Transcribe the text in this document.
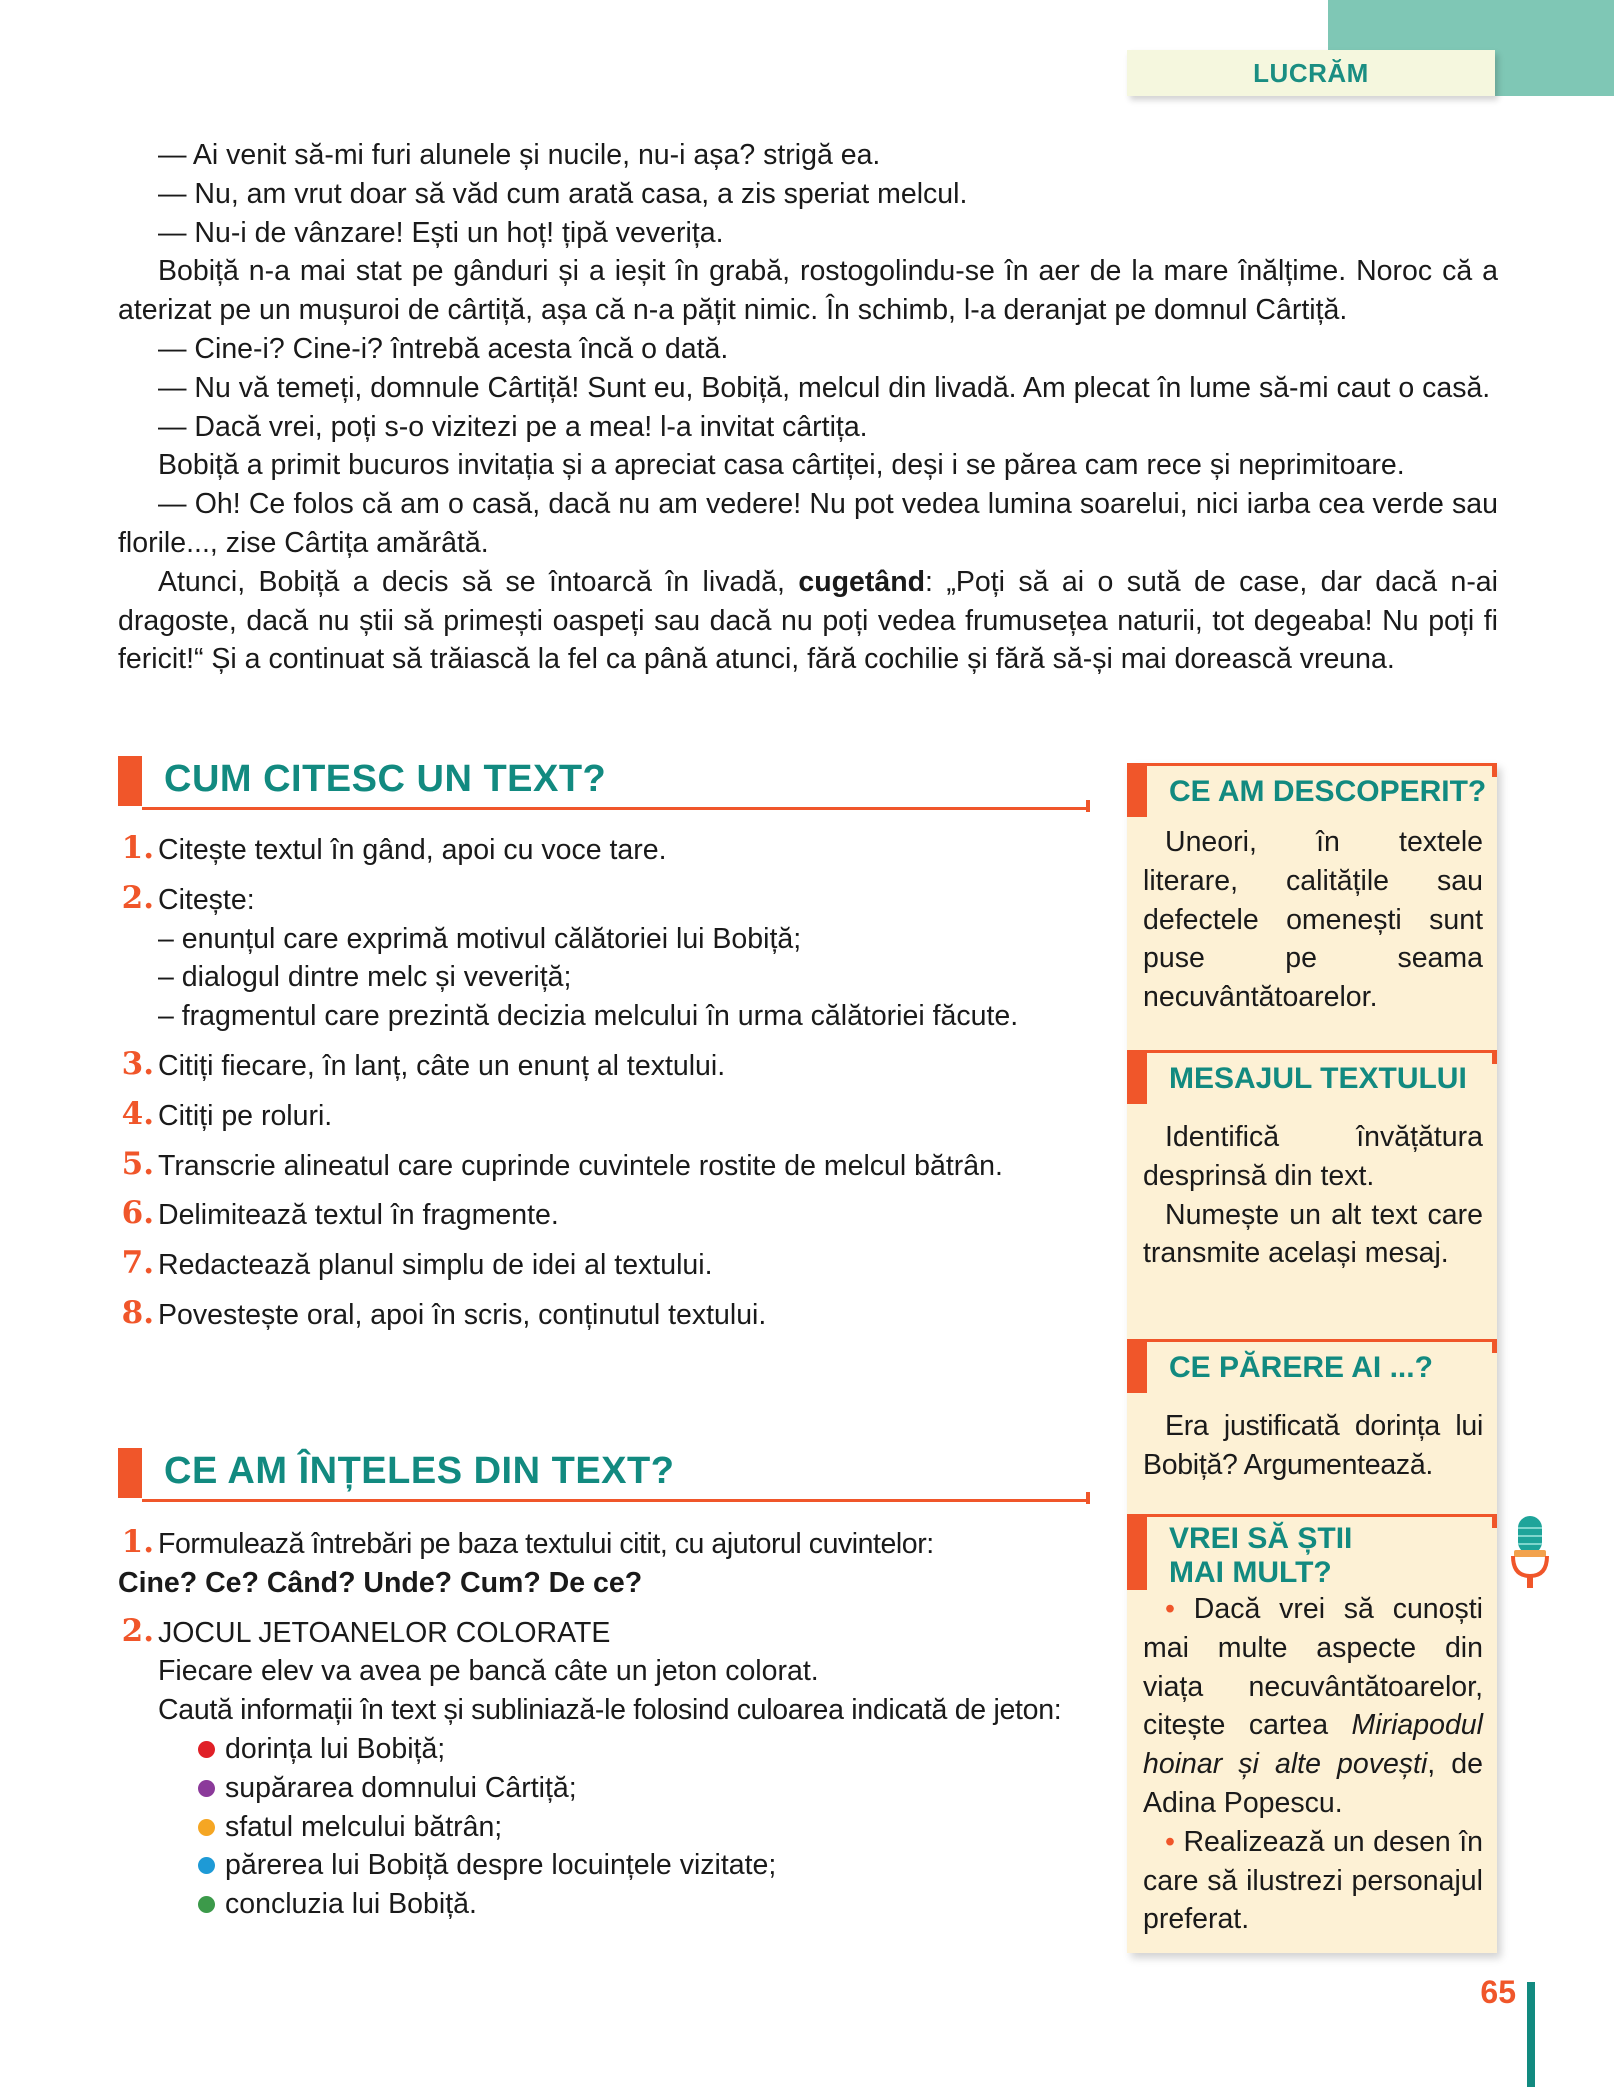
LUCRĂM

— Ai venit să-mi furi alunele și nucile, nu-i așa? strigă ea.

— Nu, am vrut doar să văd cum arată casa, a zis speriat melcul.

— Nu-i de vânzare! Ești un hoț! țipă veverița.

Bobiță n-a mai stat pe gânduri și a ieșit în grabă, rostogolindu-se în aer de la mare înălțime. Noroc că a aterizat pe un mușuroi de cârtiță, așa că n-a pățit nimic. În schimb, l-a deranjat pe domnul Cârtiță.

— Cine-i? Cine-i? întrebă acesta încă o dată.

— Nu vă temeți, domnule Cârtiță! Sunt eu, Bobiță, melcul din livadă. Am plecat în lume să-mi caut o casă.

— Dacă vrei, poți s-o vizitezi pe a mea! l-a invitat cârtița.

Bobiță a primit bucuros invitația și a apreciat casa cârtiței, deși i se părea cam rece și neprimitoare.

— Oh! Ce folos că am o casă, dacă nu am vedere! Nu pot vedea lumina soarelui, nici iarba cea verde sau florile..., zise Cârtița amărâtă.

Atunci, Bobiță a decis să se întoarcă în livadă, cugetând: „Poți să ai o sută de case, dar dacă n-ai dragoste, dacă nu știi să primești oaspeți sau dacă nu poți vedea frumusețea naturii, tot degeaba! Nu poți fi fericit!“ Și a continuat să trăiască la fel ca până atunci, fără cochilie și fără să-și mai dorească vreuna.

CUM CITESC UN TEXT?
1. Citește textul în gând, apoi cu voce tare.
2. Citește:
– enunțul care exprimă motivul călătoriei lui Bobiță;
– dialogul dintre melc și veveriță;
– fragmentul care prezintă decizia melcului în urma călătoriei făcute.
3. Citiți fiecare, în lanț, câte un enunț al textului.
4. Citiți pe roluri.
5. Transcrie alineatul care cuprinde cuvintele rostite de melcul bătrân.
6. Delimitează textul în fragmente.
7. Redactează planul simplu de idei al textului.
8. Povestește oral, apoi în scris, conținutul textului.
CE AM ÎNȚELES DIN TEXT?
1. Formulează întrebări pe baza textului citit, cu ajutorul cuvintelor:
Cine? Ce? Când? Unde? Cum? De ce?
2. JOCUL JETOANELOR COLORATE
Fiecare elev va avea pe bancă câte un jeton colorat.
Caută informații în text și subliniază-le folosind culoarea indicată de jeton:
dorința lui Bobiță;
supărarea domnului Cârtiță;
sfatul melcului bătrân;
părerea lui Bobiță despre locuințele vizitate;
concluzia lui Bobiță.
CE AM DESCOPERIT?
Uneori, în textele literare, calitățile sau defectele omenești sunt puse pe seama necuvântătoarelor.
MESAJUL TEXTULUI
Identifică învățătura desprinsă din text.
Numește un alt text care transmite același mesaj.
CE PĂRERE AI ...?
Era justificată dorința lui Bobiță? Argumentează.
VREI SĂ ȘTII
MAI MULT?
• Dacă vrei să cunoști mai multe aspecte din viața necuvântătoarelor, citește cartea Miriapodul hoinar și alte povești, de Adina Popescu.
• Realizează un desen în care să ilustrezi personajul preferat.
65
